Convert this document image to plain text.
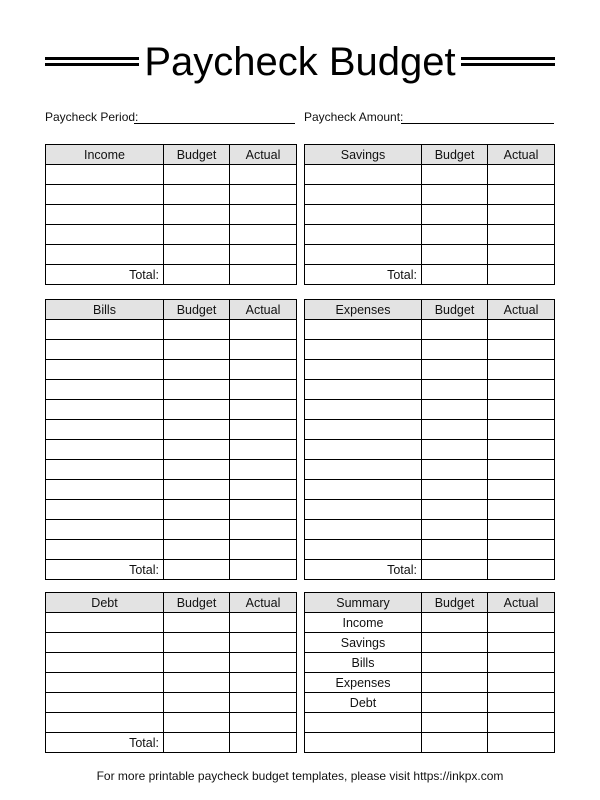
Paycheck Budget
Paycheck Period:	Paycheck Amount:
Income	Budget	Actual

Total:		
Savings	Budget	Actual

Total:		
Bills	Budget	Actual

Total:		
Expenses	Budget	Actual

Total:		
Debt	Budget	Actual

Total:		
Summary	Budget	Actual
Income		
Savings		
Bills		
Expenses		
Debt		

For more printable paycheck budget templates, please visit https://inkpx.com
